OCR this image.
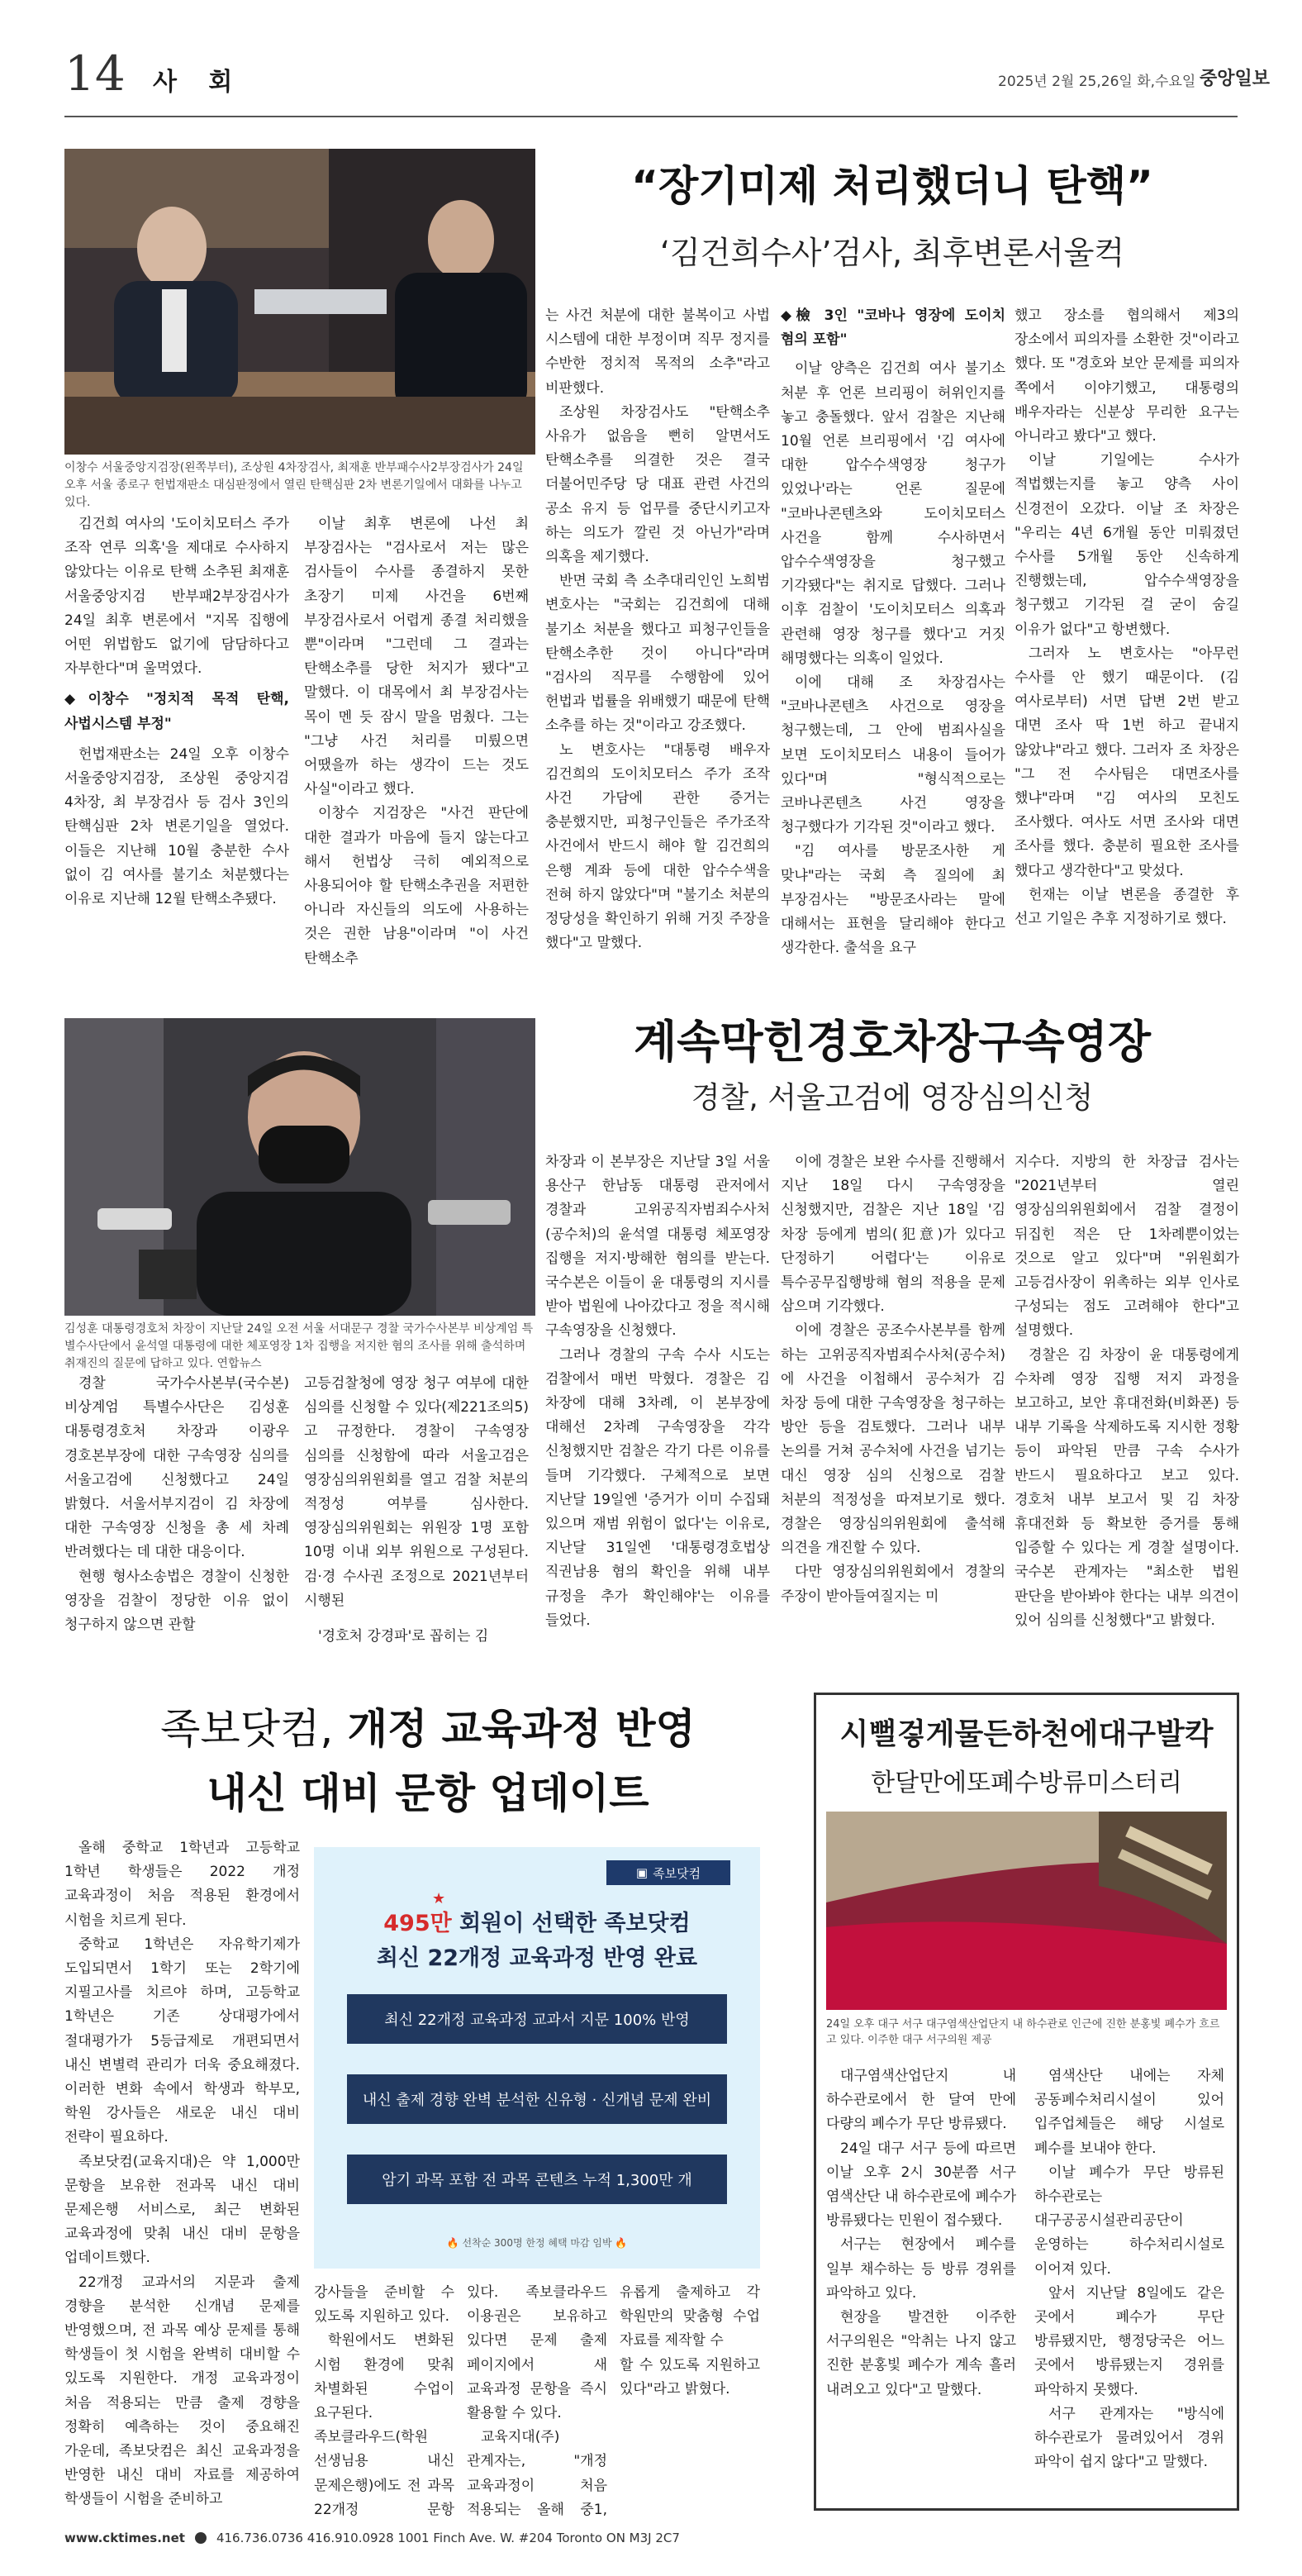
14 사 회	2025년 2월 25,26일 화,수요일 중앙일보
이창수 서울중앙지검장(왼쪽부터), 조상원 4차장검사, 최재훈 반부패수사2부장검사가 24일 오후 서울 종로구 헌법재판소 대심판정에서 열린 탄핵심판 2차 변론기일에서 대화를 나누고 있다.
“장기미제 처리했더니 탄핵”
‘김건희수사’검사, 최후변론서울컥

김건희 여사의 '도이치모터스 주가 조작 연루 의혹'을 제대로 수사하지 않았다는 이유로 탄핵 소추된 최재훈 서울중앙지검 반부패2부장검사가 24일 최후 변론에서 "지목 집행에 어떤 위법함도 없기에 담담하다고 자부한다"며 울먹였다.

◆이창수 "정치적 목적 탄핵, 사법시스템 부정"

헌법재판소는 24일 오후 이창수 서울중앙지검장, 조상원 중앙지검 4차장, 최 부장검사 등 검사 3인의 탄핵심판 2차 변론기일을 열었다. 이들은 지난해 10월 충분한 수사 없이 김 여사를 불기소 처분했다는 이유로 지난해 12월 탄핵소추됐다.

이날 최후 변론에 나선 최 부장검사는 "검사로서 저는 많은 검사들이 수사를 종결하지 못한 초장기 미제 사건을 6번째 부장검사로서 어렵게 종결 처리했을 뿐"이라며 "그런데 그 결과는 탄핵소추를 당한 처지가 됐다"고 말했다. 이 대목에서 최 부장검사는 목이 멘 듯 잠시 말을 멈췄다. 그는 "그냥 사건 처리를 미뤘으면 어땠을까 하는 생각이 드는 것도 사실"이라고 했다.

이창수 지검장은 "사건 판단에 대한 결과가 마음에 들지 않는다고 해서 헌법상 극히 예외적으로 사용되어야 할 탄핵소추권을 저편한 아니라 자신들의 의도에 사용하는 것은 권한 남용"이라며 "이 사건 탄핵소추

는 사건 처분에 대한 불복이고 사법 시스템에 대한 부정이며 직무 정지를 수반한 정치적 목적의 소추"라고 비판했다.

조상원 차장검사도 "탄핵소추 사유가 없음을 뻔히 알면서도 탄핵소추를 의결한 것은 결국 더불어민주당 당 대표 관련 사건의 공소 유지 등 업무를 중단시키고자 하는 의도가 깔린 것 아닌가"라며 의혹을 제기했다.

반면 국회 측 소추대리인인 노희범 변호사는 "국회는 김건희에 대해 불기소 처분을 했다고 피청구인들을 탄핵소추한 것이 아니다"라며 "검사의 직무를 수행함에 있어 헌법과 법률을 위배했기 때문에 탄핵 소추를 하는 것"이라고 강조했다.

노 변호사는 "대통령 배우자 김건희의 도이치모터스 주가 조작 사건 가담에 관한 증거는 충분했지만, 피청구인들은 주가조작 사건에서 반드시 해야 할 김건희의 은행 계좌 등에 대한 압수수색을 전혀 하지 않았다"며 "불기소 처분의 정당성을 확인하기 위해 거짓 주장을 했다"고 말했다.

◆檢 3인 "코바나 영장에 도이치 혐의 포함"

이날 양측은 김건희 여사 불기소 처분 후 언론 브리핑이 허위인지를 놓고 충돌했다. 앞서 검찰은 지난해 10월 언론 브리핑에서 '김 여사에 대한 압수수색영장 청구가 있었나'라는 언론 질문에 "코바나콘텐츠와 도이치모터스 사건을 함께 수사하면서 압수수색영장을 청구했고 기각됐다"는 취지로 답했다. 그러나 이후 검찰이 '도이치모터스 의혹과 관련해 영장 청구를 했다'고 거짓 해명했다는 의혹이 일었다.

이에 대해 조 차장검사는 "코바나콘텐츠 사건으로 영장을 청구했는데, 그 안에 범죄사실을 보면 도이치모터스 내용이 들어가 있다"며 "형식적으로는 코바나콘텐츠 사건 영장을 청구했다가 기각된 것"이라고 했다.

"김 여사를 방문조사한 게 맞냐"라는 국회 측 질의에 최 부장검사는 "방문조사라는 말에 대해서는 표현을 달리해야 한다고 생각한다. 출석을 요구

했고 장소를 협의해서 제3의 장소에서 피의자를 소환한 것"이라고 했다. 또 "경호와 보안 문제를 피의자 쪽에서 이야기했고, 대통령의 배우자라는 신분상 무리한 요구는 아니라고 봤다"고 했다.

이날 기일에는 수사가 적법했는지를 놓고 양측 사이 신경전이 오갔다. 이날 조 차장은 "우리는 4년 6개월 동안 미뤄졌던 수사를 5개월 동안 신속하게 진행했는데, 압수수색영장을 청구했고 기각된 걸 굳이 숨길 이유가 없다"고 항변했다.

그러자 노 변호사는 "아무런 수사를 안 했기 때문이다. (김 여사로부터) 서면 답변 2번 받고 대면 조사 딱 1번 하고 끝내지 않았냐"라고 했다. 그러자 조 차장은 "그 전 수사팀은 대면조사를 했냐"라며 "김 여사의 모친도 조사했다. 여사도 서면 조사와 대면 조사를 했다. 충분히 필요한 조사를 했다고 생각한다"고 맞섰다.

헌재는 이날 변론을 종결한 후 선고 기일은 추후 지정하기로 했다.

김성훈 대통령경호처 차장이 지난달 24일 오전 서울 서대문구 경찰 국가수사본부 비상계엄 특별수사단에서 윤석열 대통령에 대한 체포영장 1차 집행을 저지한 혐의 조사를 위해 출석하며 취재진의 질문에 답하고 있다. 연합뉴스
계속막힌경호차장구속영장
경찰, 서울고검에 영장심의신청

경찰 국가수사본부(국수본) 비상계엄 특별수사단은 김성훈 대통령경호처 차장과 이광우 경호본부장에 대한 구속영장 심의를 서울고검에 신청했다고 24일 밝혔다. 서울서부지검이 김 차장에 대한 구속영장 신청을 총 세 차례 반려했다는 데 대한 대응이다.

현행 형사소송법은 경찰이 신청한 영장을 검찰이 정당한 이유 없이 청구하지 않으면 관할

고등검찰청에 영장 청구 여부에 대한 심의를 신청할 수 있다(제221조의5)고 규정한다. 경찰이 구속영장 심의를 신청함에 따라 서울고검은 영장심의위원회를 열고 검찰 처분의 적정성 여부를 심사한다. 영장심의위원회는 위원장 1명 포함 10명 이내 외부 위원으로 구성된다. 검·경 수사권 조정으로 2021년부터 시행된

'경호처 강경파'로 꼽히는 김

차장과 이 본부장은 지난달 3일 서울 용산구 한남동 대통령 관저에서 경찰과 고위공직자범죄수사처(공수처)의 윤석열 대통령 체포영장 집행을 저지·방해한 혐의를 받는다. 국수본은 이들이 윤 대통령의 지시를 받아 법원에 나아갔다고 정을 적시해 구속영장을 신청했다.

그러나 경찰의 구속 수사 시도는 검찰에서 매번 막혔다. 경찰은 김 차장에 대해 3차례, 이 본부장에 대해선 2차례 구속영장을 각각 신청했지만 검찰은 각기 다른 이유를 들며 기각했다. 구체적으로 보면 지난달 19일엔 '증거가 이미 수집돼 있으며 재범 위험이 없다'는 이유로, 지난달 31일엔 '대통령경호법상 직권남용 혐의 확인을 위해 내부 규정을 추가 확인해야'는 이유를 들었다.

이에 경찰은 보완 수사를 진행해서 지난 18일 다시 구속영장을 신청했지만, 검찰은 지난 18일 '김 차장 등에게 범의(犯意)가 있다고 단정하기 어렵다'는 이유로 특수공무집행방해 혐의 적용을 문제 삼으며 기각했다.

이에 경찰은 공조수사본부를 함께 하는 고위공직자범죄수사처(공수처)에 사건을 이첩해서 공수처가 김 차장 등에 대한 구속영장을 청구하는 방안 등을 검토했다. 그러나 내부 논의를 거쳐 공수처에 사건을 넘기는 대신 영장 심의 신청으로 검찰 처분의 적정성을 따져보기로 했다. 경찰은 영장심의위원회에 출석해 의견을 개진할 수 있다.

다만 영장심의위원회에서 경찰의 주장이 받아들여질지는 미

지수다. 지방의 한 차장급 검사는 "2021년부터 열린 영장심의위원회에서 검찰 결정이 뒤집힌 적은 단 1차례뿐이었는 것으로 알고 있다"며 "위원회가 고등검사장이 위촉하는 외부 인사로 구성되는 점도 고려해야 한다"고 설명했다.

경찰은 김 차장이 윤 대통령에게 수차례 영장 집행 저지 과정을 보고하고, 보안 휴대전화(비화폰) 등 내부 기록을 삭제하도록 지시한 정황 등이 파악된 만큼 구속 수사가 반드시 필요하다고 보고 있다. 경호처 내부 보고서 및 김 차장 휴대전화 등 확보한 증거를 통해 입증할 수 있다는 게 경찰 설명이다. 국수본 관계자는 "최소한 법원 판단을 받아봐야 한다는 내부 의견이 있어 심의를 신청했다"고 밝혔다.

족보닷컴, 개정 교육과정 반영
내신 대비 문항 업데이트

올해 중학교 1학년과 고등학교 1학년 학생들은 2022 개정 교육과정이 처음 적용된 환경에서 시험을 치르게 된다.

중학교 1학년은 자유학기제가 도입되면서 1학기 또는 2학기에 지필고사를 치르야 하며, 고등학교 1학년은 기존 상대평가에서 절대평가가 5등급제로 개편되면서 내신 변별력 관리가 더욱 중요해졌다. 이러한 변화 속에서 학생과 학부모, 학원 강사들은 새로운 내신 대비 전략이 필요하다.

족보닷컴(교육지대)은 약 1,000만 문항을 보유한 전과목 내신 대비 문제은행 서비스로, 최근 변화된 교육과정에 맞춰 내신 대비 문항을 업데이트했다.

22개정 교과서의 지문과 출제 경향을 분석한 신개념 문제를 반영했으며, 전 과목 예상 문제를 통해 학생들이 첫 시험을 완벽히 대비할 수 있도록 지원한다. 개정 교육과정이 처음 적용되는 만큼 출제 경향을 정확히 예측하는 것이 중요해진 가운데, 족보닷컴은 최신 교육과정을 반영한 내신 대비 자료를 제공하여 학생들이 시험을 준비하고

▣ 족보닷컴
★
495만 회원이 선택한 족보닷컴
최신 22개정 교육과정 반영 완료
최신 22개정 교육과정 교과서 지문 100% 반영
내신 출제 경향 완벽 분석한 신유형 · 신개념 문제 완비
암기 과목 포함 전 과목 콘텐츠 누적 1,300만 개
🔥 선착순 300명 한정 혜택 마감 임박 🔥

강사들을 준비할 수 있도록 지원하고 있다.

학원에서도 변화된 시험 환경에 맞춰 차별화된 수업이 요구된다. 족보클라우드(학원 선생님용 내신 문제은행)에도 전 과목 22개정 문항

있다. 족보클라우드 이용권은 보유하고 있다면 문제 출제 페이지에서 새 교육과정 문항을 즉시 활용할 수 있다.

교육지대(주) 관계자는, "개정 교육과정이 처음 적용되는 올해 중1,

유롭게 출제하고 각 학원만의 맞춤형 수업 자료를 제작할 수

할 수 있도록 지원하고 있다"라고 밝혔다.

시뻘겋게물든하천에대구발칵
한달만에또폐수방류미스터리
24일 오후 대구 서구 대구염색산업단지 내 하수관로 인근에 진한 분홍빛 폐수가 흐르고 있다. 이주한 대구 서구의원 제공

대구염색산업단지 내 하수관로에서 한 달여 만에 다량의 폐수가 무단 방류됐다.

24일 대구 서구 등에 따르면 이날 오후 2시 30분쯤 서구 염색산단 내 하수관로에 폐수가 방류됐다는 민원이 접수됐다.

서구는 현장에서 폐수를 일부 채수하는 등 방류 경위를 파악하고 있다.

현장을 발견한 이주한 서구의원은 "악취는 나지 않고 진한 분홍빛 폐수가 계속 흘러 내려오고 있다"고 말했다.

염색산단 내에는 자체 공동폐수처리시설이 있어 입주업체들은 해당 시설로 폐수를 보내야 한다.

이날 폐수가 무단 방류된 하수관로는 대구공공시설관리공단이 운영하는 하수처리시설로 이어져 있다.

앞서 지난달 8일에도 같은 곳에서 폐수가 무단 방류됐지만, 행정당국은 어느 곳에서 방류됐는지 경위를 파악하지 못했다.

서구 관계자는 "방식에 하수관로가 물려있어서 경위 파악이 쉽지 않다"고 말했다.

www.cktimes.net	416.736.0736 416.910.0928 1001 Finch Ave. W. #204 Toronto ON M3J 2C7
